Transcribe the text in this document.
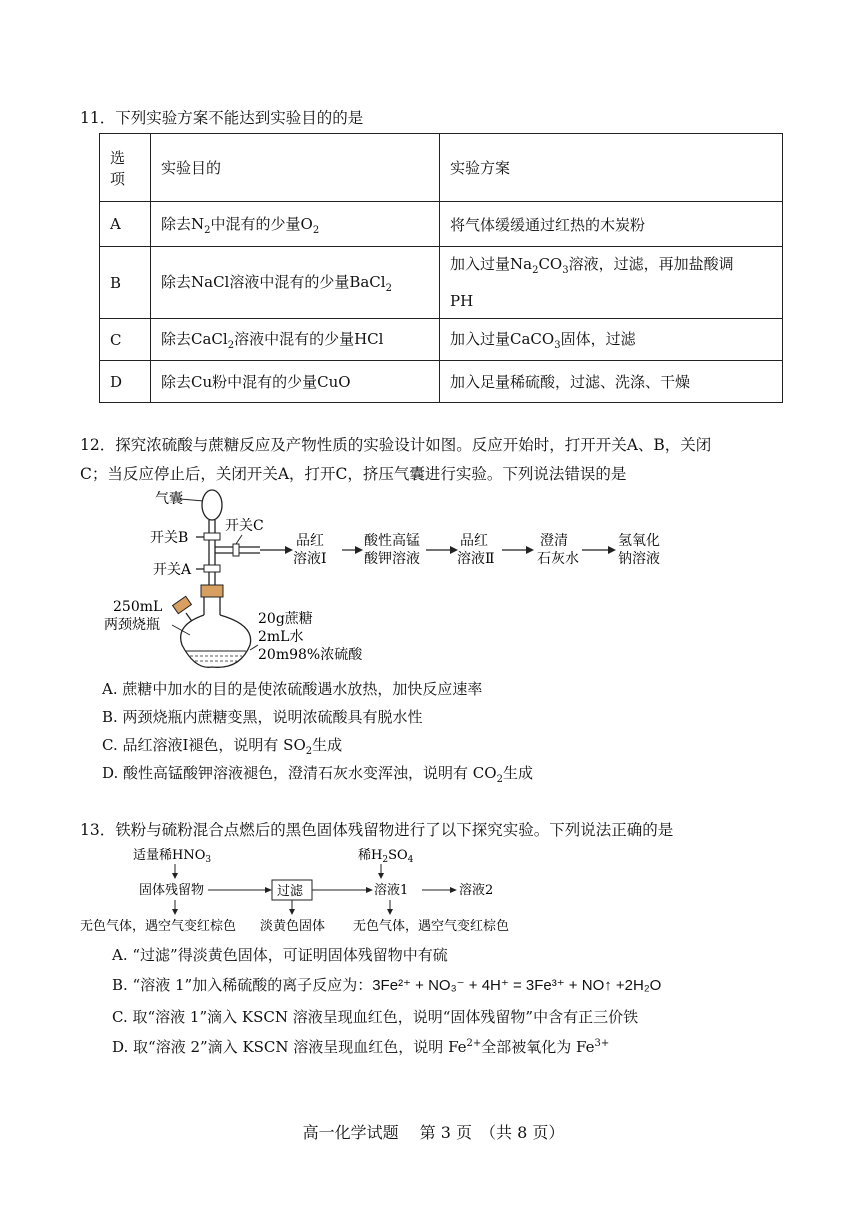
11．下列实验方案不能达到实验目的的是
选
项	实验目的	实验方案
A	除去$N_2$中混有的少量$O_2$	将气体缓缓通过红热的木炭粉
B	除去NaCl溶液中混有的少量BaCl$_2$	加入过量$Na_2CO_3$溶液，过滤，再加盐酸调
PH
C	除去CaCl$_2$溶液中混有的少量HCl	加入过量CaCO$_3$固体，过滤
D	除去Cu粉中混有的少量CuO	加入足量稀硫酸，过滤、洗涤、干燥
12．探究浓硫酸与蔗糖反应及产物性质的实验设计如图。反应开始时，打开开关A、B，关闭
C；当反应停止后，关闭开关A，打开C，挤压气囊进行实验。下列说法错误的是
气囊
开关B
开关C
品红
溶液Ⅰ
酸性高锰
酸钾溶液
品红
溶液Ⅱ
澄清
石灰水
氢氧化
钠溶液
开关A
250mL
两颈烧瓶	20g蔗糖
2mL水
20m98%浓硫酸
A. 蔗糖中加水的目的是使浓硫酸遇水放热，加快反应速率
B. 两颈烧瓶内蔗糖变黑，说明浓硫酸具有脱水性
C. 品红溶液Ⅰ褪色，说明有 $SO_2$生成
D. 酸性高锰酸钾溶液褪色，澄清石灰水变浑浊，说明有 $CO_2$生成
13．铁粉与硫粉混合点燃后的黑色固体残留物进行了以下探究实验。下列说法正确的是
适量稀$HNO_3$	稀$H_2SO_4$
固体残留物	过滤	溶液1	溶液2
无色气体，遇空气变红棕色 淡黄色固体 无色气体，遇空气变红棕色
A. “过滤”得淡黄色固体，可证明固体残留物中有硫
B. “溶液 1”加入稀硫酸的离子反应为：3Fe²⁺ + NO₃⁻ + 4H⁺ = 3Fe³⁺ + NO↑ +2H₂O
C. 取“溶液 1”滴入 KSCN 溶液呈现血红色，说明“固体残留物”中含有正三价铁
D. 取“溶液 2”滴入 KSCN 溶液呈现血红色，说明 $Fe^{2+}$全部被氧化为 $Fe^{3+}$
高一化学试题　 第 3 页　（共 8 页）
